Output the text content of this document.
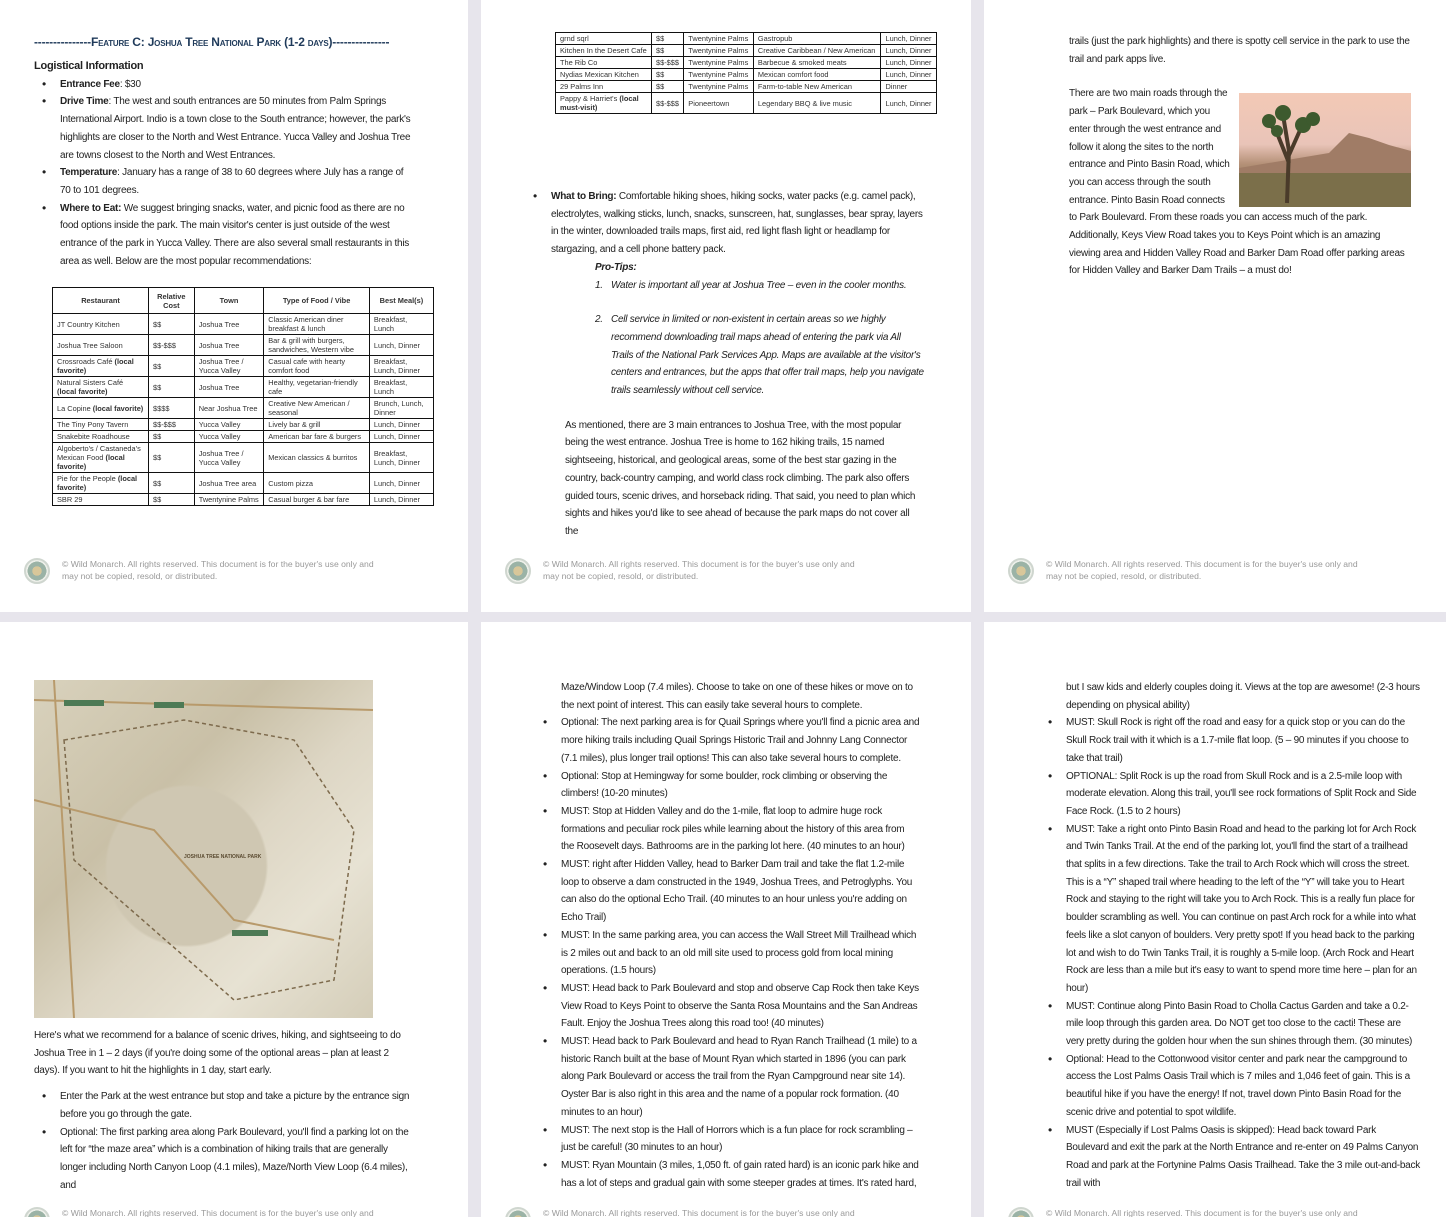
---------------Feature C: Joshua Tree National Park (1-2 days)---------------
Logistical Information
• Entrance Fee: $30
• Drive Time: The west and south entrances are 50 minutes from Palm Springs International Airport. Indio is a town close to the South entrance; however, the park's highlights are closer to the North and West Entrance. Yucca Valley and Joshua Tree are towns closest to the North and West Entrances.
• Temperature: January has a range of 38 to 60 degrees where July has a range of 70 to 101 degrees.
• Where to Eat: We suggest bringing snacks, water, and picnic food as there are no food options inside the park. The main visitor's center is just outside of the west entrance of the park in Yucca Valley. There are also several small restaurants in this area as well. Below are the most popular recommendations:
Restaurant	Relative Cost	Town	Type of Food / Vibe	Best Meal(s)
JT Country Kitchen	$$	Joshua Tree	Classic American diner breakfast & lunch	Breakfast, Lunch
Joshua Tree Saloon	$$-$$$	Joshua Tree	Bar & grill with burgers, sandwiches, Western vibe	Lunch, Dinner
Crossroads Café (local favorite)	$$	Joshua Tree / Yucca Valley	Casual cafe with hearty comfort food	Breakfast, Lunch, Dinner
Natural Sisters Café (local favorite)	$$	Joshua Tree	Healthy, vegetarian-friendly cafe	Breakfast, Lunch
La Copine (local favorite)	$$$$	Near Joshua Tree	Creative New American / seasonal	Brunch, Lunch, Dinner
The Tiny Pony Tavern	$$-$$$	Yucca Valley	Lively bar & grill	Lunch, Dinner
Snakebite Roadhouse	$$	Yucca Valley	American bar fare & burgers	Lunch, Dinner
Algoberto's / Castaneda's Mexican Food (local favorite)	$$	Joshua Tree / Yucca Valley	Mexican classics & burritos	Breakfast, Lunch, Dinner
Pie for the People (local favorite)	$$	Joshua Tree area	Custom pizza	Lunch, Dinner
SBR 29	$$	Twentynine Palms	Casual burger & bar fare	Lunch, Dinner
© Wild Monarch. All rights reserved. This document is for the buyer's use only and
may not be copied, resold, or distributed.
grnd sqrl	$$	Twentynine Palms	Gastropub	Lunch, Dinner
Kitchen In the Desert Cafe	$$	Twentynine Palms	Creative Caribbean / New American	Lunch, Dinner
The Rib Co	$$-$$$	Twentynine Palms	Barbecue & smoked meats	Lunch, Dinner
Nydias Mexican Kitchen	$$	Twentynine Palms	Mexican comfort food	Lunch, Dinner
29 Palms Inn	$$	Twentynine Palms	Farm-to-table New American	Dinner
Pappy & Harriet's (local must-visit)	$$-$$$	Pioneertown	Legendary BBQ & live music	Lunch, Dinner
• What to Bring: Comfortable hiking shoes, hiking socks, water packs (e.g. camel pack), electrolytes, walking sticks, lunch, snacks, sunscreen, hat, sunglasses, bear spray, layers in the winter, downloaded trails maps, first aid, red light flash light or headlamp for stargazing, and a cell phone battery pack.
Pro-Tips:
1. Water is important all year at Joshua Tree – even in the cooler months.
2. Cell service in limited or non-existent in certain areas so we highly recommend downloading trail maps ahead of entering the park via All Trails of the National Park Services App. Maps are available at the visitor's centers and entrances, but the apps that offer trail maps, help you navigate trails seamlessly without cell service.

As mentioned, there are 3 main entrances to Joshua Tree, with the most popular being the west entrance. Joshua Tree is home to 162 hiking trails, 15 named sightseeing, historical, and geological areas, some of the best star gazing in the country, back-country camping, and world class rock climbing. The park also offers guided tours, scenic drives, and horseback riding. That said, you need to plan which sights and hikes you'd like to see ahead of because the park maps do not cover all the

© Wild Monarch. All rights reserved. This document is for the buyer's use only and
may not be copied, resold, or distributed.

trails (just the park highlights) and there is spotty cell service in the park to use the trail and park apps live.

There are two main roads through the park – Park Boulevard, which you enter through the west entrance and follow it along the sites to the north entrance and Pinto Basin Road, which you can access through the south entrance. Pinto Basin Road connects to Park Boulevard. From these roads you can access much of the park. Additionally, Keys View Road takes you to Keys Point which is an amazing viewing area and Hidden Valley Road and Barker Dam Road offer parking areas for Hidden Valley and Barker Dam Trails – a must do!

© Wild Monarch. All rights reserved. This document is for the buyer's use only and
may not be copied, resold, or distributed.
JOSHUA TREE NATIONAL PARK

Here's what we recommend for a balance of scenic drives, hiking, and sightseeing to do Joshua Tree in 1 – 2 days (if you're doing some of the optional areas – plan at least 2 days). If you want to hit the highlights in 1 day, start early.

• Enter the Park at the west entrance but stop and take a picture by the entrance sign before you go through the gate.
• Optional: The first parking area along Park Boulevard, you'll find a parking lot on the left for “the maze area” which is a combination of hiking trails that are generally longer including North Canyon Loop (4.1 miles), Maze/North View Loop (6.4 miles), and
© Wild Monarch. All rights reserved. This document is for the buyer's use only and

Maze/Window Loop (7.4 miles). Choose to take on one of these hikes or move on to the next point of interest. This can easily take several hours to complete.

• Optional: The next parking area is for Quail Springs where you'll find a picnic area and more hiking trails including Quail Springs Historic Trail and Johnny Lang Connector (7.1 miles), plus longer trail options! This can also take several hours to complete.
• Optional: Stop at Hemingway for some boulder, rock climbing or observing the climbers! (10-20 minutes)
• MUST: Stop at Hidden Valley and do the 1-mile, flat loop to admire huge rock formations and peculiar rock piles while learning about the history of this area from the Roosevelt days. Bathrooms are in the parking lot here. (40 minutes to an hour)
• MUST: right after Hidden Valley, head to Barker Dam trail and take the flat 1.2-mile loop to observe a dam constructed in the 1949, Joshua Trees, and Petroglyphs. You can also do the optional Echo Trail. (40 minutes to an hour unless you're adding on Echo Trail)
• MUST: In the same parking area, you can access the Wall Street Mill Trailhead which is 2 miles out and back to an old mill site used to process gold from local mining operations. (1.5 hours)
• MUST: Head back to Park Boulevard and stop and observe Cap Rock then take Keys View Road to Keys Point to observe the Santa Rosa Mountains and the San Andreas Fault. Enjoy the Joshua Trees along this road too! (40 minutes)
• MUST: Head back to Park Boulevard and head to Ryan Ranch Trailhead (1 mile) to a historic Ranch built at the base of Mount Ryan which started in 1896 (you can park along Park Boulevard or access the trail from the Ryan Campground near site 14). Oyster Bar is also right in this area and the name of a popular rock formation. (40 minutes to an hour)
• MUST: The next stop is the Hall of Horrors which is a fun place for rock scrambling – just be careful! (30 minutes to an hour)
• MUST: Ryan Mountain (3 miles, 1,050 ft. of gain rated hard) is an iconic park hike and has a lot of steps and gradual gain with some steeper grades at times. It's rated hard,
© Wild Monarch. All rights reserved. This document is for the buyer's use only and

but I saw kids and elderly couples doing it. Views at the top are awesome! (2-3 hours depending on physical ability)

• MUST: Skull Rock is right off the road and easy for a quick stop or you can do the Skull Rock trail with it which is a 1.7-mile flat loop. (5 – 90 minutes if you choose to take that trail)
• OPTIONAL: Split Rock is up the road from Skull Rock and is a 2.5-mile loop with moderate elevation. Along this trail, you'll see rock formations of Split Rock and Side Face Rock. (1.5 to 2 hours)
• MUST: Take a right onto Pinto Basin Road and head to the parking lot for Arch Rock and Twin Tanks Trail. At the end of the parking lot, you'll find the start of a trailhead that splits in a few directions. Take the trail to Arch Rock which will cross the street. This is a “Y” shaped trail where heading to the left of the “Y” will take you to Heart Rock and staying to the right will take you to Arch Rock. This is a really fun place for boulder scrambling as well. You can continue on past Arch rock for a while into what feels like a slot canyon of boulders. Very pretty spot! If you head back to the parking lot and wish to do Twin Tanks Trail, it is roughly a 5-mile loop. (Arch Rock and Heart Rock are less than a mile but it's easy to want to spend more time here – plan for an hour)
• MUST: Continue along Pinto Basin Road to Cholla Cactus Garden and take a 0.2-mile loop through this garden area. Do NOT get too close to the cacti! These are very pretty during the golden hour when the sun shines through them. (30 minutes)
• Optional: Head to the Cottonwood visitor center and park near the campground to access the Lost Palms Oasis Trail which is 7 miles and 1,046 feet of gain. This is a beautiful hike if you have the energy! If not, travel down Pinto Basin Road for the scenic drive and potential to spot wildlife.
• MUST (Especially if Lost Palms Oasis is skipped): Head back toward Park Boulevard and exit the park at the North Entrance and re-enter on 49 Palms Canyon Road and park at the Fortynine Palms Oasis Trailhead. Take the 3 mile out-and-back trail with
© Wild Monarch. All rights reserved. This document is for the buyer's use only and
